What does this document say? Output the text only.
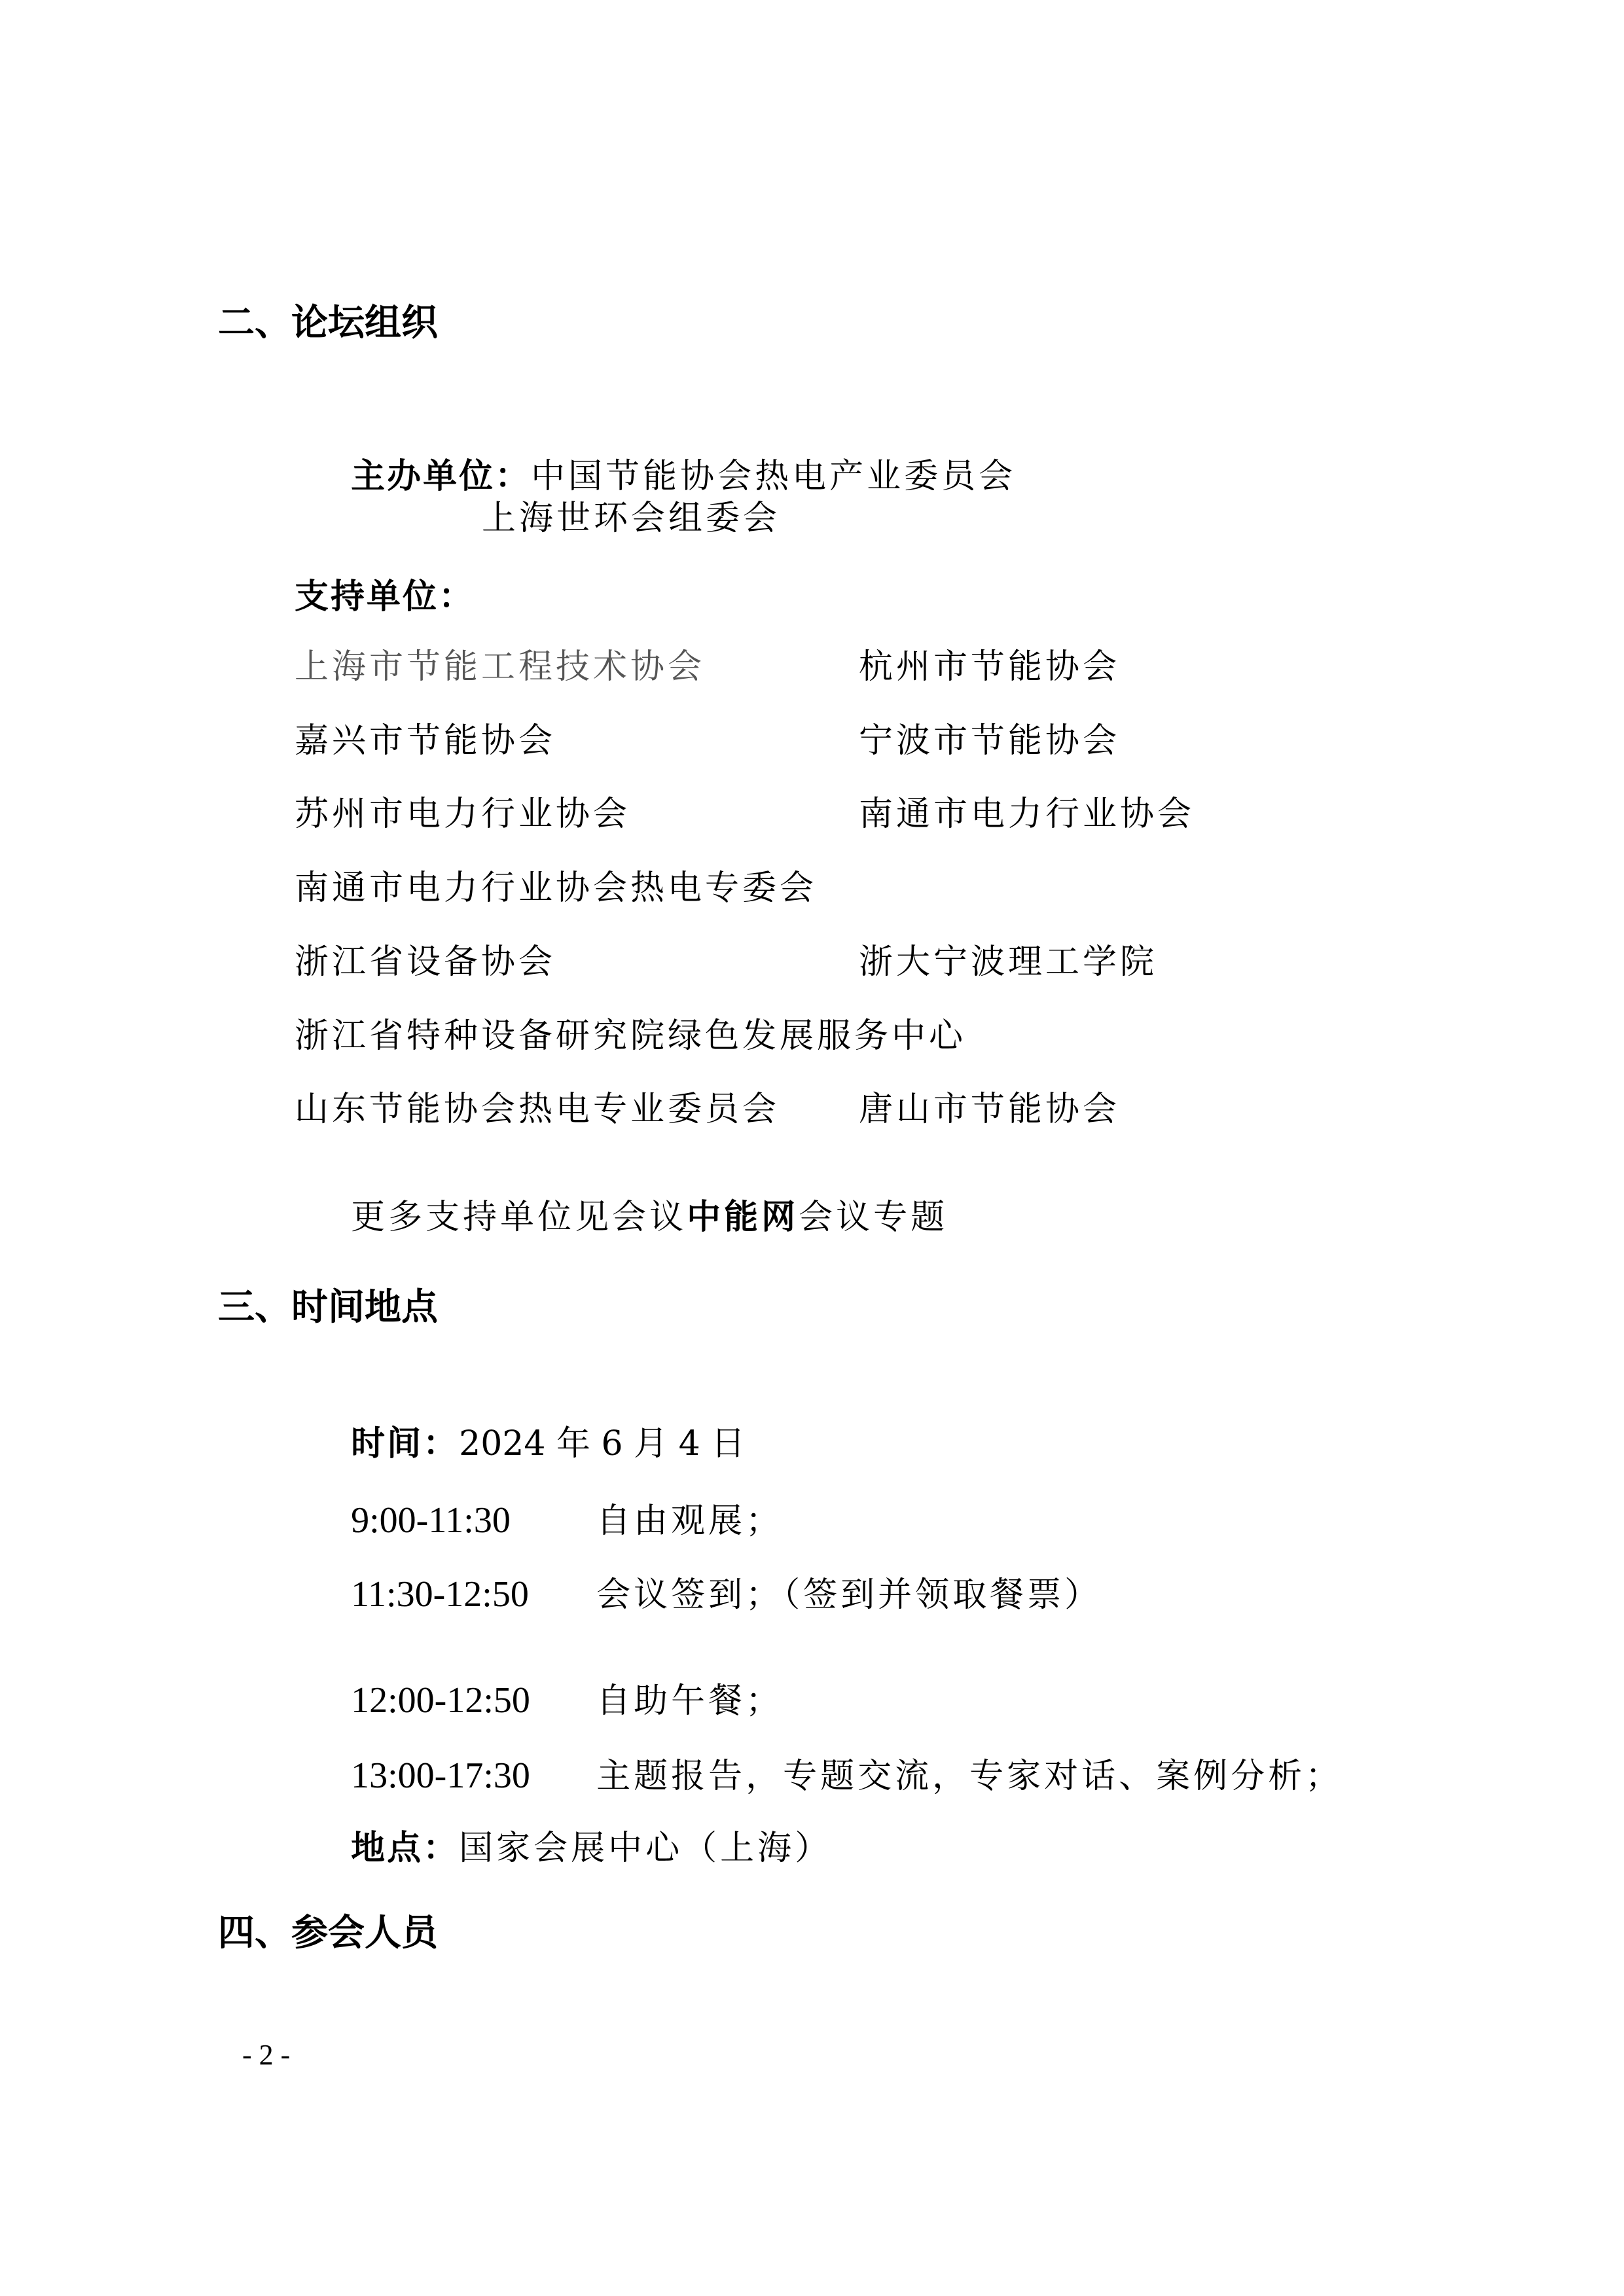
二、论坛组织

主办单位：中国节能协会热电产业委员会

上海世环会组委会
支持单位：
上海市节能工程技术协会	杭州市节能协会
嘉兴市节能协会	宁波市节能协会
苏州市电力行业协会	南通市电力行业协会
南通市电力行业协会热电专委会
浙江省设备协会	浙大宁波理工学院
浙江省特种设备研究院绿色发展服务中心
山东节能协会热电专业委员会 唐山市节能协会

更多支持单位见会议中能网会议专题

三、时间地点

时间：2024 年 6 月 4 日

9:00-11:30	自由观展；

11:30-12:50 会议签到；（签到并领取餐票）

12:00-12:50 自助午餐；

13:00-17:30 主题报告，专题交流，专家对话、案例分析；

地点：国家会展中心（上海）

四、参会人员
- 2 -
